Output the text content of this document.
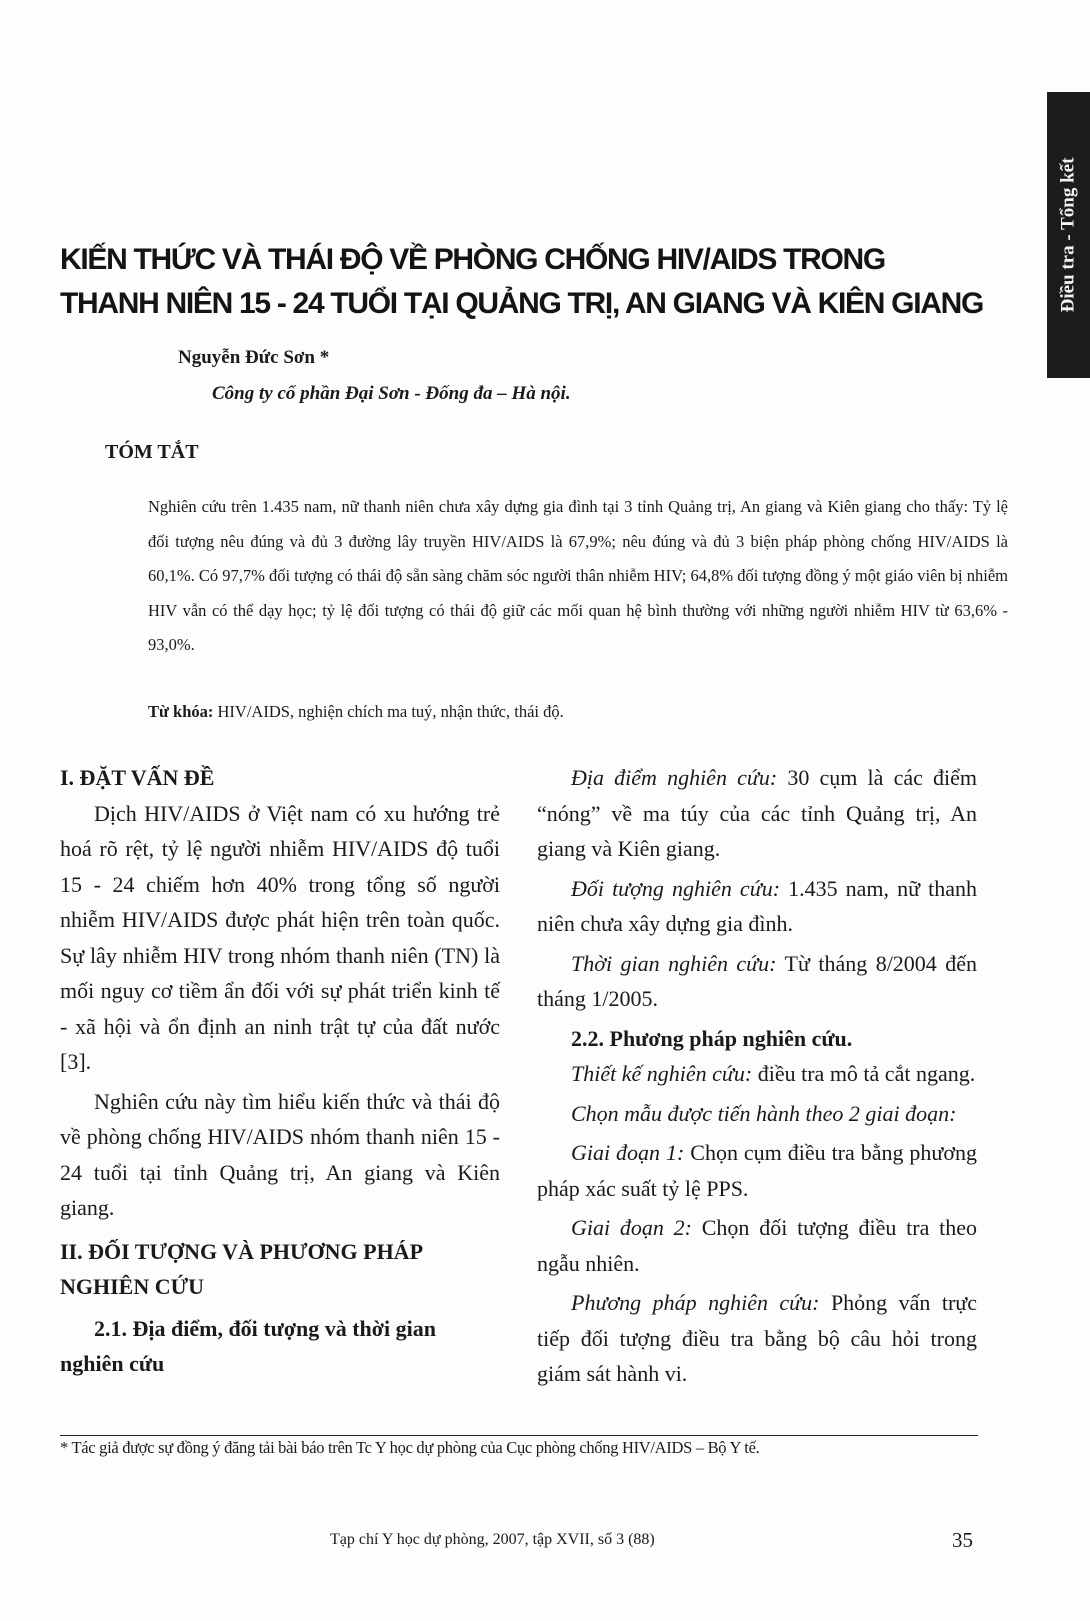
Điều tra - Tổng kết
KIẾN THỨC VÀ THÁI ĐỘ VỀ PHÒNG CHỐNG HIV/AIDS TRONG
THANH NIÊN 15 - 24 TUỔI TẠI QUẢNG TRỊ, AN GIANG VÀ KIÊN GIANG
Nguyễn Đức Sơn *
Công ty cổ phần Đại Sơn - Đống đa – Hà nội.
TÓM TẮT

Nghiên cứu trên 1.435 nam, nữ thanh niên chưa xây dựng gia đình tại 3 tỉnh Quảng trị, An giang và Kiên giang cho thấy: Tỷ lệ đối tượng nêu đúng và đủ 3 đường lây truyền HIV/AIDS là 67,9%; nêu đúng và đủ 3 biện pháp phòng chống HIV/AIDS là 60,1%. Có 97,7% đối tượng có thái độ sẵn sàng chăm sóc người thân nhiễm HIV; 64,8% đối tượng đồng ý một giáo viên bị nhiễm HIV vẫn có thể dạy học; tỷ lệ đối tượng có thái độ giữ các mối quan hệ bình thường với những người nhiễm HIV từ 63,6% - 93,0%.

Từ khóa: HIV/AIDS, nghiện chích ma tuý, nhận thức, thái độ.
I. ĐẶT VẤN ĐỀ

Dịch HIV/AIDS ở Việt nam có xu hướng trẻ hoá rõ rệt, tỷ lệ người nhiễm HIV/AIDS độ tuổi 15 - 24 chiếm hơn 40% trong tổng số người nhiễm HIV/AIDS được phát hiện trên toàn quốc. Sự lây nhiễm HIV trong nhóm thanh niên (TN) là mối nguy cơ tiềm ẩn đối với sự phát triển kinh tế - xã hội và ổn định an ninh trật tự của đất nước [3].

Nghiên cứu này tìm hiểu kiến thức và thái độ về phòng chống HIV/AIDS nhóm thanh niên 15 - 24 tuổi tại tỉnh Quảng trị, An giang và Kiên giang.

II. ĐỐI TƯỢNG VÀ PHƯƠNG PHÁP NGHIÊN CỨU
2.1. Địa điểm, đối tượng và thời gian nghiên cứu

Địa điểm nghiên cứu: 30 cụm là các điểm “nóng” về ma túy của các tỉnh Quảng trị, An giang và Kiên giang.

Đối tượng nghiên cứu: 1.435 nam, nữ thanh niên chưa xây dựng gia đình.

Thời gian nghiên cứu: Từ tháng 8/2004 đến tháng 1/2005.

2.2. Phương pháp nghiên cứu.

Thiết kế nghiên cứu: điều tra mô tả cắt ngang.

Chọn mẫu được tiến hành theo 2 giai đoạn:

Giai đoạn 1: Chọn cụm điều tra bằng phương pháp xác suất tỷ lệ PPS.

Giai đoạn 2: Chọn đối tượng điều tra theo ngẫu nhiên.

Phương pháp nghiên cứu: Phỏng vấn trực tiếp đối tượng điều tra bằng bộ câu hỏi trong giám sát hành vi.

* Tác giả được sự đồng ý đăng tải bài báo trên Tc Y học dự phòng của Cục phòng chống HIV/AIDS – Bộ Y tế.
Tạp chí Y học dự phòng, 2007, tập XVII, số 3 (88)	35
